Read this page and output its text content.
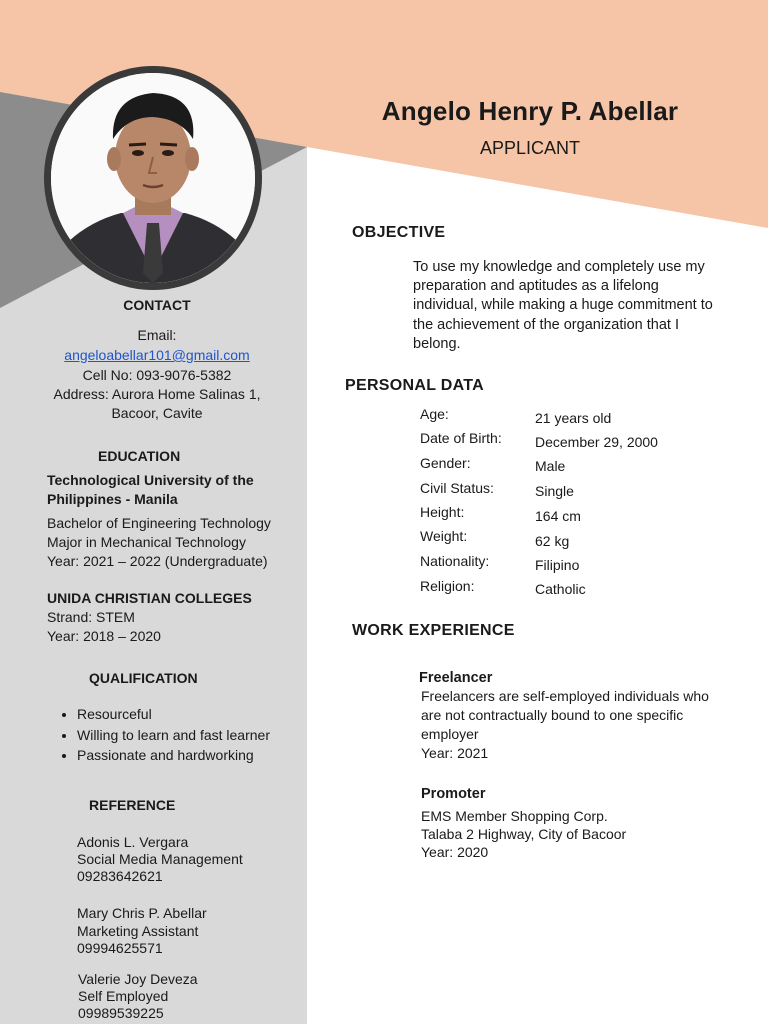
Angelo Henry P. Abellar
APPLICANT
CONTACT
Email:
angeloabellar101@gmail.com
Cell No: 093-9076-5382
Address: Aurora Home Salinas 1,
Bacoor, Cavite
EDUCATION
Technological University of the
Philippines - Manila
Bachelor of Engineering Technology
Major in Mechanical Technology
Year: 2021 – 2022 (Undergraduate)
UNIDA CHRISTIAN COLLEGES
Strand: STEM
Year: 2018 – 2020
QUALIFICATION
• Resourceful
• Willing to learn and fast learner
• Passionate and hardworking
REFERENCE
Adonis L. Vergara
Social Media Management
09283642621
Mary Chris P. Abellar
Marketing Assistant
09994625571
Valerie Joy Deveza
Self Employed
09989539225
OBJECTIVE
To use my knowledge and completely use my
preparation and aptitudes as a lifelong
individual, while making a huge commitment to
the achievement of the organization that I
belong.
PERSONAL DATA
Age:	21 years old
Date of Birth: December 29, 2000
Gender:	Male
Civil Status:	Single
Height:	164 cm
Weight:	62 kg
Nationality:	Filipino
Religion:	Catholic
WORK EXPERIENCE
Freelancer
Freelancers are self-employed individuals who
are not contractually bound to one specific
employer
Year: 2021
Promoter
EMS Member Shopping Corp.
Talaba 2 Highway, City of Bacoor
Year: 2020
